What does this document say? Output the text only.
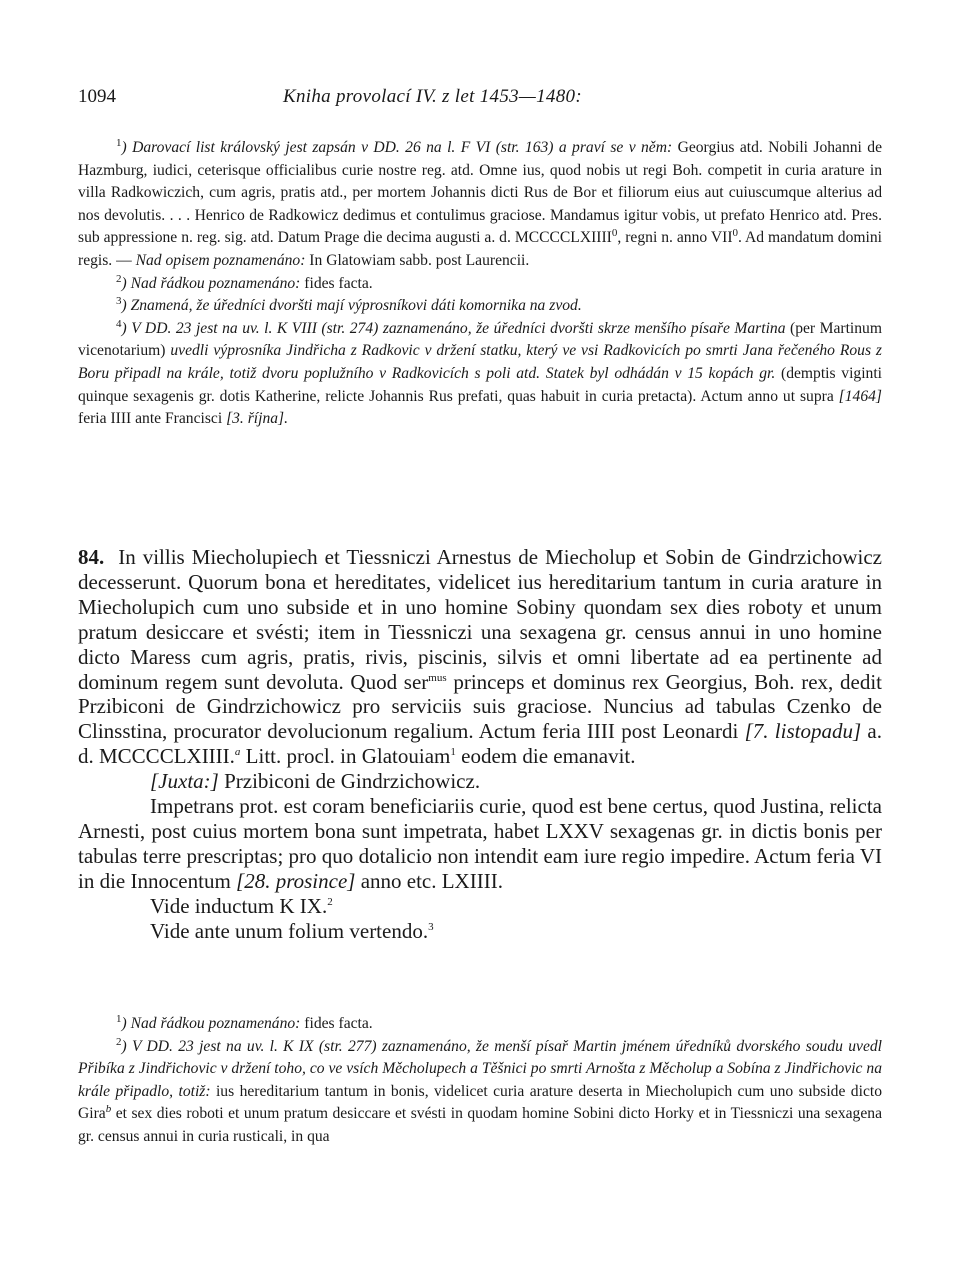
1094	Kniha provolací IV. z let 1453—1480:

$^1$) Darovací list královský jest zapsán v DD. 26 na l. F VI (str. 163) a praví se v něm: Georgius atd. Nobili Johanni de Hazmburg, iudici, ceterisque officialibus curie nostre reg. atd. Omne ius, quod nobis ut regi Boh. competit in curia arature in villa Radkowiczich, cum agris, pratis atd., per mortem Johannis dicti Rus de Bor et filiorum eius aut cuiuscumque alterius ad nos devolutis. . . . Henrico de Radkowicz dedimus et contulimus graciose. Mandamus igitur vobis, ut prefato Henrico atd. Pres. sub appressione n. reg. sig. atd. Datum Prage die decima augusti a. d. MCCCCLXIIII$^0$, regni n. anno VII$^0$. Ad mandatum domini regis. — Nad opisem poznamenáno: In Glatowiam sabb. post Laurencii.

$^2$) Nad řádkou poznamenáno: fides facta.

$^3$) Znamená, že úředníci dvoršti mají výprosníkovi dáti komornika na zvod.

$^4$) V DD. 23 jest na uv. l. K VIII (str. 274) zaznamenáno, že úředníci dvoršti skrze menšího písaře Martina (per Martinum vicenotarium) uvedli výprosníka Jindřicha z Radkovic v držení statku, který ve vsi Radkovicích po smrti Jana řečeného Rous z Boru připadl na krále, totiž dvoru poplužního v Radkovicích s poli atd. Statek byl odhádán v 15 kopách gr. (demptis viginti quinque sexagenis gr. dotis Katherine, relicte Johannis Rus prefati, quas habuit in curia pretacta). Actum anno ut supra [1464] feria IIII ante Francisci [3. října].

84. In villis Miecholupiech et Tiessniczi Arnestus de Miecholup et Sobin de Gindrzichowicz decesserunt. Quorum bona et hereditates, videlicet ius hereditarium tantum in curia arature in Miecholupich cum uno subside et in uno homine Sobiny quondam sex dies roboty et unum pratum desiccare et svésti; item in Tiessniczi una sexagena gr. census annui in uno homine dicto Maress cum agris, pratis, rivis, piscinis, silvis et omni libertate ad ea pertinente ad dominum regem sunt devoluta. Quod ser$^{mus}$ princeps et dominus rex Georgius, Boh. rex, dedit Przibiconi de Gindrzichowicz pro serviciis suis graciose. Nuncius ad tabulas Czenko de Clinsstina, procurator devolucionum regalium. Actum feria IIII post Leonardi [7. listopadu] a. d. MCCCCLXIIII.$^a$ Litt. procl. in Glatouiam$^1$ eodem die emanavit.

[Juxta:] Przibiconi de Gindrzichowicz.

Impetrans prot. est coram beneficiariis curie, quod est bene certus, quod Justina, relicta Arnesti, post cuius mortem bona sunt impetrata, habet LXXV sexagenas gr. in dictis bonis per tabulas terre prescriptas; pro quo dotalicio non intendit eam iure regio impedire. Actum feria VI in die Innocentum [28. prosince] anno etc. LXIIII.

Vide inductum K IX.$^2$

Vide ante unum folium vertendo.$^3$

$^1$) Nad řádkou poznamenáno: fides facta.

$^2$) V DD. 23 jest na uv. l. K IX (str. 277) zaznamenáno, že menší písař Martin jménem úředníků dvorského soudu uvedl Přibíka z Jindřichovic v držení toho, co ve vsích Měcholupech a Těšnici po smrti Arnošta z Měcholup a Sobína z Jindřichovic na krále připadlo, totiž: ius hereditarium tantum in bonis, videlicet curia arature deserta in Miecholupich cum uno subside dicto Gira$^b$ et sex dies roboti et unum pratum desiccare et svésti in quodam homine Sobini dicto Horky et in Tiessniczi una sexagena gr. census annui in curia rusticali, in qua
